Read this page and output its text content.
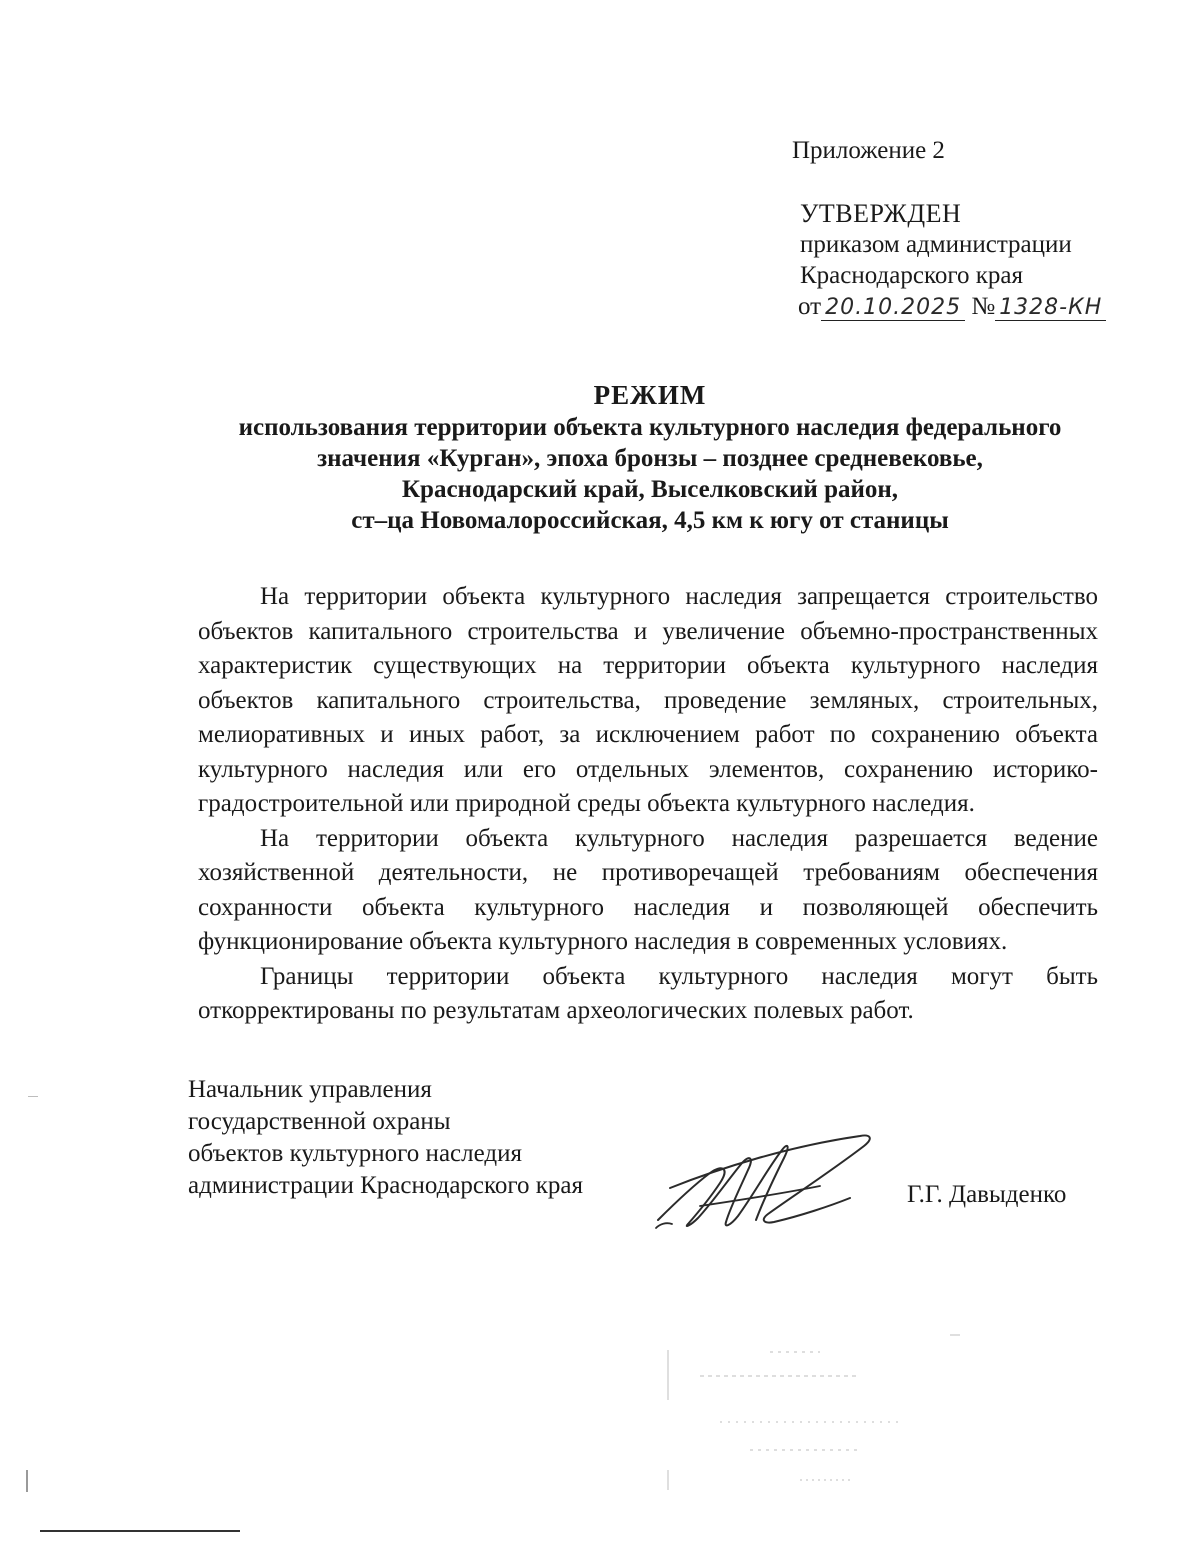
Приложение 2
УТВЕРЖДЕН
приказом администрации
Краснодарского края
от 20.10.2025 № 1328-КН
РЕЖИМ
использования территории объекта культурного наследия федерального
значения «Курган», эпоха бронзы – позднее средневековье,
Краснодарский край, Выселковский район,
ст–ца Новомалороссийская, 4,5 км к югу от станицы

На территории объекта культурного наследия запрещается строительство объектов капитального строительства и увеличение объемно-пространственных характеристик существующих на территории объекта культурного наследия объектов капитального строительства, проведение земляных, строительных, мелиоративных и иных работ, за исключением работ по сохранению объекта культурного наследия или его отдельных элементов, сохранению историко-градостроительной или природной среды объекта культурного наследия.

На территории объекта культурного наследия разрешается ведение хозяйственной деятельности, не противоречащей требованиям обеспечения сохранности объекта культурного наследия и позволяющей обеспечить функционирование объекта культурного наследия в современных условиях.

Границы территории объекта культурного наследия могут быть откорректированы по результатам археологических полевых работ.

Начальник управления
государственной охраны
объектов культурного наследия
администрации Краснодарского края	Г.Г. Давыденко
